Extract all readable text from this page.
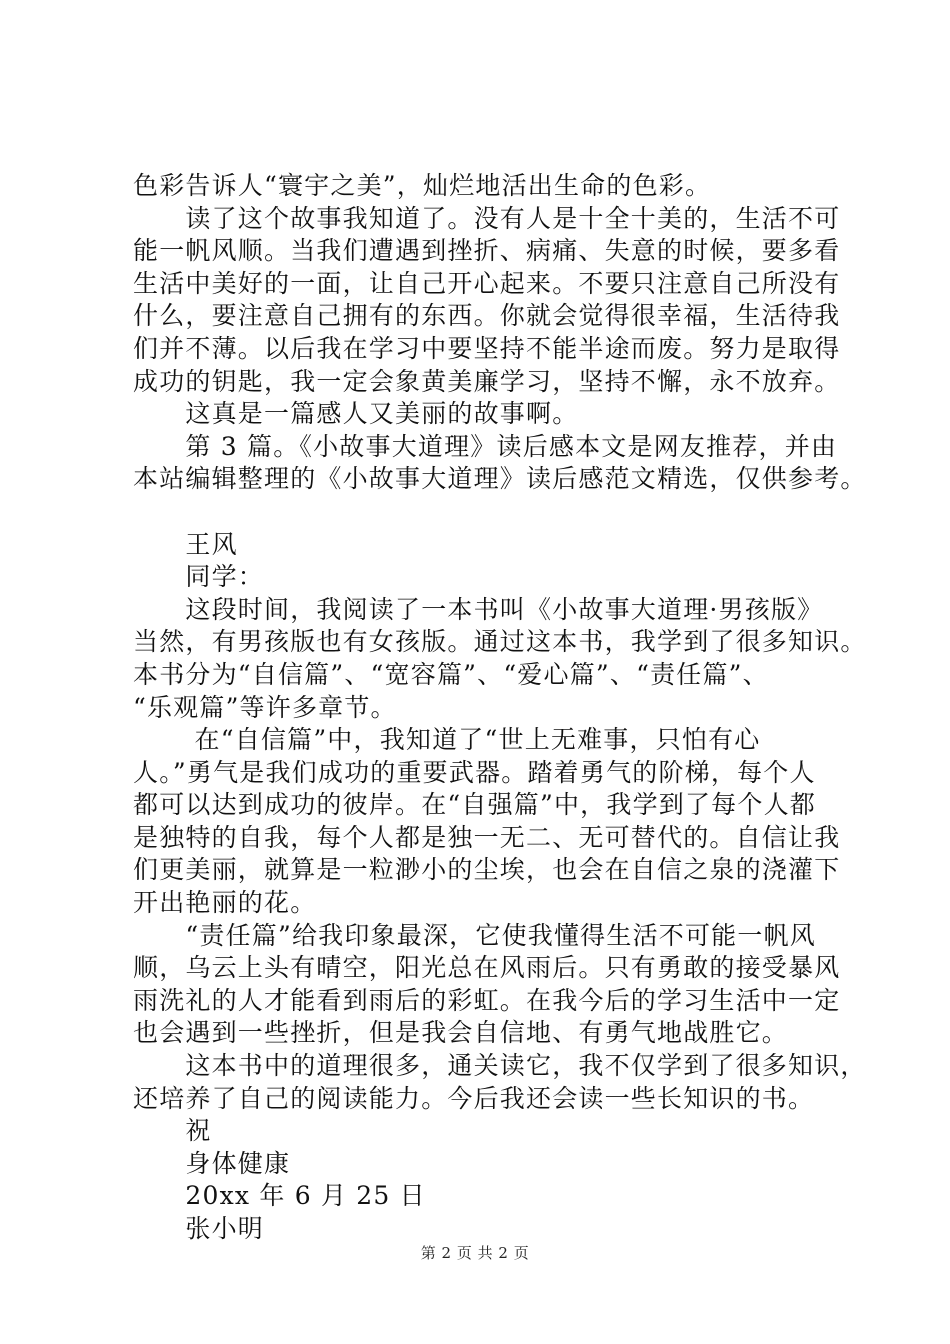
色彩告诉人“寰宇之美”，灿烂地活出生命的色彩。
　　读了这个故事我知道了。没有人是十全十美的，生活不可
能一帆风顺。当我们遭遇到挫折、病痛、失意的时候，要多看
生活中美好的一面，让自己开心起来。不要只注意自己所没有
什么，要注意自己拥有的东西。你就会觉得很幸福，生活待我
们并不薄。以后我在学习中要坚持不能半途而废。努力是取得
成功的钥匙，我一定会象黄美廉学习，坚持不懈，永不放弃。
　　这真是一篇感人又美丽的故事啊。
　　第 3 篇。《小故事大道理》读后感本文是网友推荐，并由
本站编辑整理的《小故事大道理》读后感范文精选，仅供参考。
　　王风
　　同学：
　　这段时间，我阅读了一本书叫《小故事大道理·男孩版》
当然，有男孩版也有女孩版。通过这本书，我学到了很多知识。
本书分为“自信篇”、“宽容篇”、“爱心篇”、“责任篇”、
“乐观篇”等许多章节。
　　 在“自信篇”中，我知道了“世上无难事，只怕有心
人。”勇气是我们成功的重要武器。踏着勇气的阶梯，每个人
都可以达到成功的彼岸。在“自强篇”中，我学到了每个人都
是独特的自我，每个人都是独一无二、无可替代的。自信让我
们更美丽，就算是一粒渺小的尘埃，也会在自信之泉的浇灌下
开出艳丽的花。
　　“责任篇”给我印象最深，它使我懂得生活不可能一帆风
顺，乌云上头有晴空，阳光总在风雨后。只有勇敢的接受暴风
雨洗礼的人才能看到雨后的彩虹。在我今后的学习生活中一定
也会遇到一些挫折，但是我会自信地、有勇气地战胜它。
　　这本书中的道理很多，通关读它，我不仅学到了很多知识，
还培养了自己的阅读能力。今后我还会读一些长知识的书。
　　祝
　　身体健康
　　20xx 年 6 月 25 日
　　张小明
第 2 页 共 2 页
